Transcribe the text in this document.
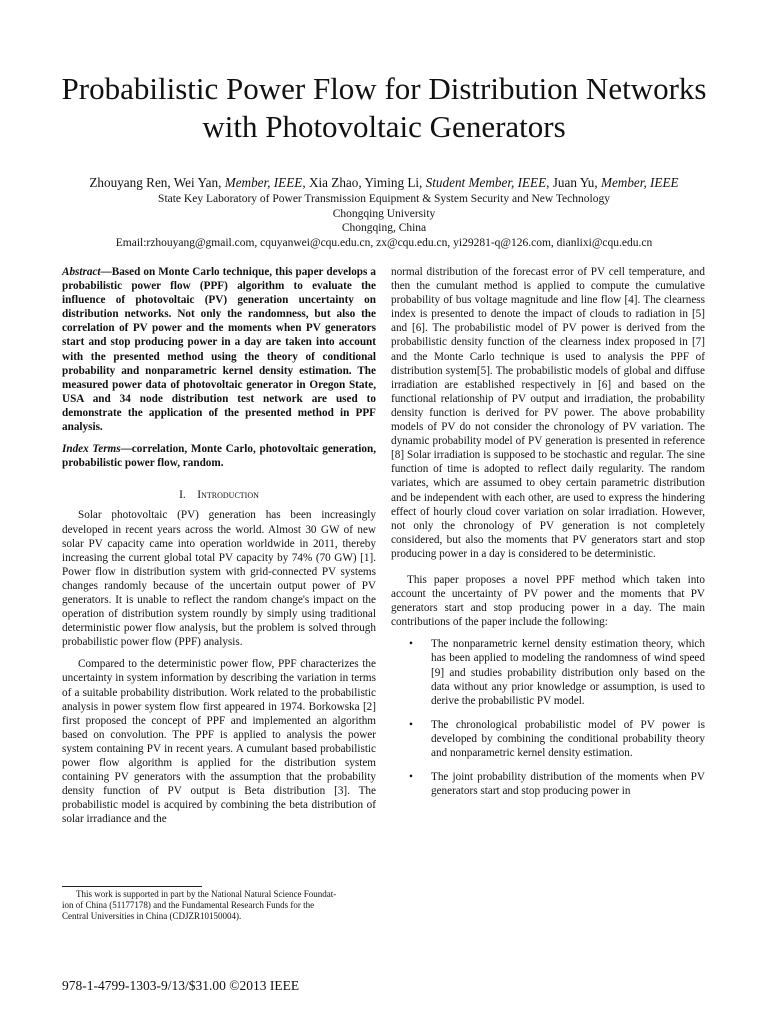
Probabilistic Power Flow for Distribution Networks
with Photovoltaic Generators
Zhouyang Ren, Wei Yan, Member, IEEE, Xia Zhao, Yiming Li, Student Member, IEEE, Juan Yu, Member, IEEE
State Key Laboratory of Power Transmission Equipment & System Security and New Technology
Chongqing University
Chongqing, China
Email:rzhouyang@gmail.com, cquyanwei@cqu.edu.cn, zx@cqu.edu.cn, yi29281-q@126.com, dianlixi@cqu.edu.cn

Abstract—Based on Monte Carlo technique, this paper develops a probabilistic power flow (PPF) algorithm to evaluate the influence of photovoltaic (PV) generation uncertainty on distribution networks. Not only the randomness, but also the correlation of PV power and the moments when PV generators start and stop producing power in a day are taken into account with the presented method using the theory of conditional probability and nonparametric kernel density estimation. The measured power data of photovoltaic generator in Oregon State, USA and 34 node distribution test network are used to demonstrate the application of the presented method in PPF analysis.

Index Terms—correlation, Monte Carlo, photovoltaic generation, probabilistic power flow, random.

I. Introduction

Solar photovoltaic (PV) generation has been increasingly developed in recent years across the world. Almost 30 GW of new solar PV capacity came into operation worldwide in 2011, thereby increasing the current global total PV capacity by 74% (70 GW) [1]. Power flow in distribution system with grid-connected PV systems changes randomly because of the uncertain output power of PV generators. It is unable to reflect the random change's impact on the operation of distribution system roundly by simply using traditional deterministic power flow analysis, but the problem is solved through probabilistic power flow (PPF) analysis.

Compared to the deterministic power flow, PPF characterizes the uncertainty in system information by describing the variation in terms of a suitable probability distribution. Work related to the probabilistic analysis in power system flow first appeared in 1974. Borkowska [2] first proposed the concept of PPF and implemented an algorithm based on convolution. The PPF is applied to analysis the power system containing PV in recent years. A cumulant based probabilistic power flow algorithm is applied for the distribution system containing PV generators with the assumption that the probability density function of PV output is Beta distribution [3]. The probabilistic model is acquired by combining the beta distribution of solar irradiance and the

normal distribution of the forecast error of PV cell temperature, and then the cumulant method is applied to compute the cumulative probability of bus voltage magnitude and line flow [4]. The clearness index is presented to denote the impact of clouds to radiation in [5] and [6]. The probabilistic model of PV power is derived from the probabilistic density function of the clearness index proposed in [7] and the Monte Carlo technique is used to analysis the PPF of distribution system[5]. The probabilistic models of global and diffuse irradiation are established respectively in [6] and based on the functional relationship of PV output and irradiation, the probability density function is derived for PV power. The above probability models of PV do not consider the chronology of PV variation. The dynamic probability model of PV generation is presented in reference [8] Solar irradiation is supposed to be stochastic and regular. The sine function of time is adopted to reflect daily regularity. The random variates, which are assumed to obey certain parametric distribution and be independent with each other, are used to express the hindering effect of hourly cloud cover variation on solar irradiation. However, not only the chronology of PV generation is not completely considered, but also the moments that PV generators start and stop producing power in a day is considered to be deterministic.

This paper proposes a novel PPF method which taken into account the uncertainty of PV power and the moments that PV generators start and stop producing power in a day. The main contributions of the paper include the following:

• The nonparametric kernel density estimation theory, which has been applied to modeling the randomness of wind speed [9] and studies probability distribution only based on the data without any prior knowledge or assumption, is used to derive the probabilistic PV model.
• The chronological probabilistic model of PV power is developed by combining the conditional probability theory and nonparametric kernel density estimation.
• The joint probability distribution of the moments when PV generators start and stop producing power in
This work is supported in part by the National Natural Science Foundat-
ion of China (51177178) and the Fundamental Research Funds for the
Central Universities in China (CDJZR10150004).
978-1-4799-1303-9/13/$31.00 ©2013 IEEE
